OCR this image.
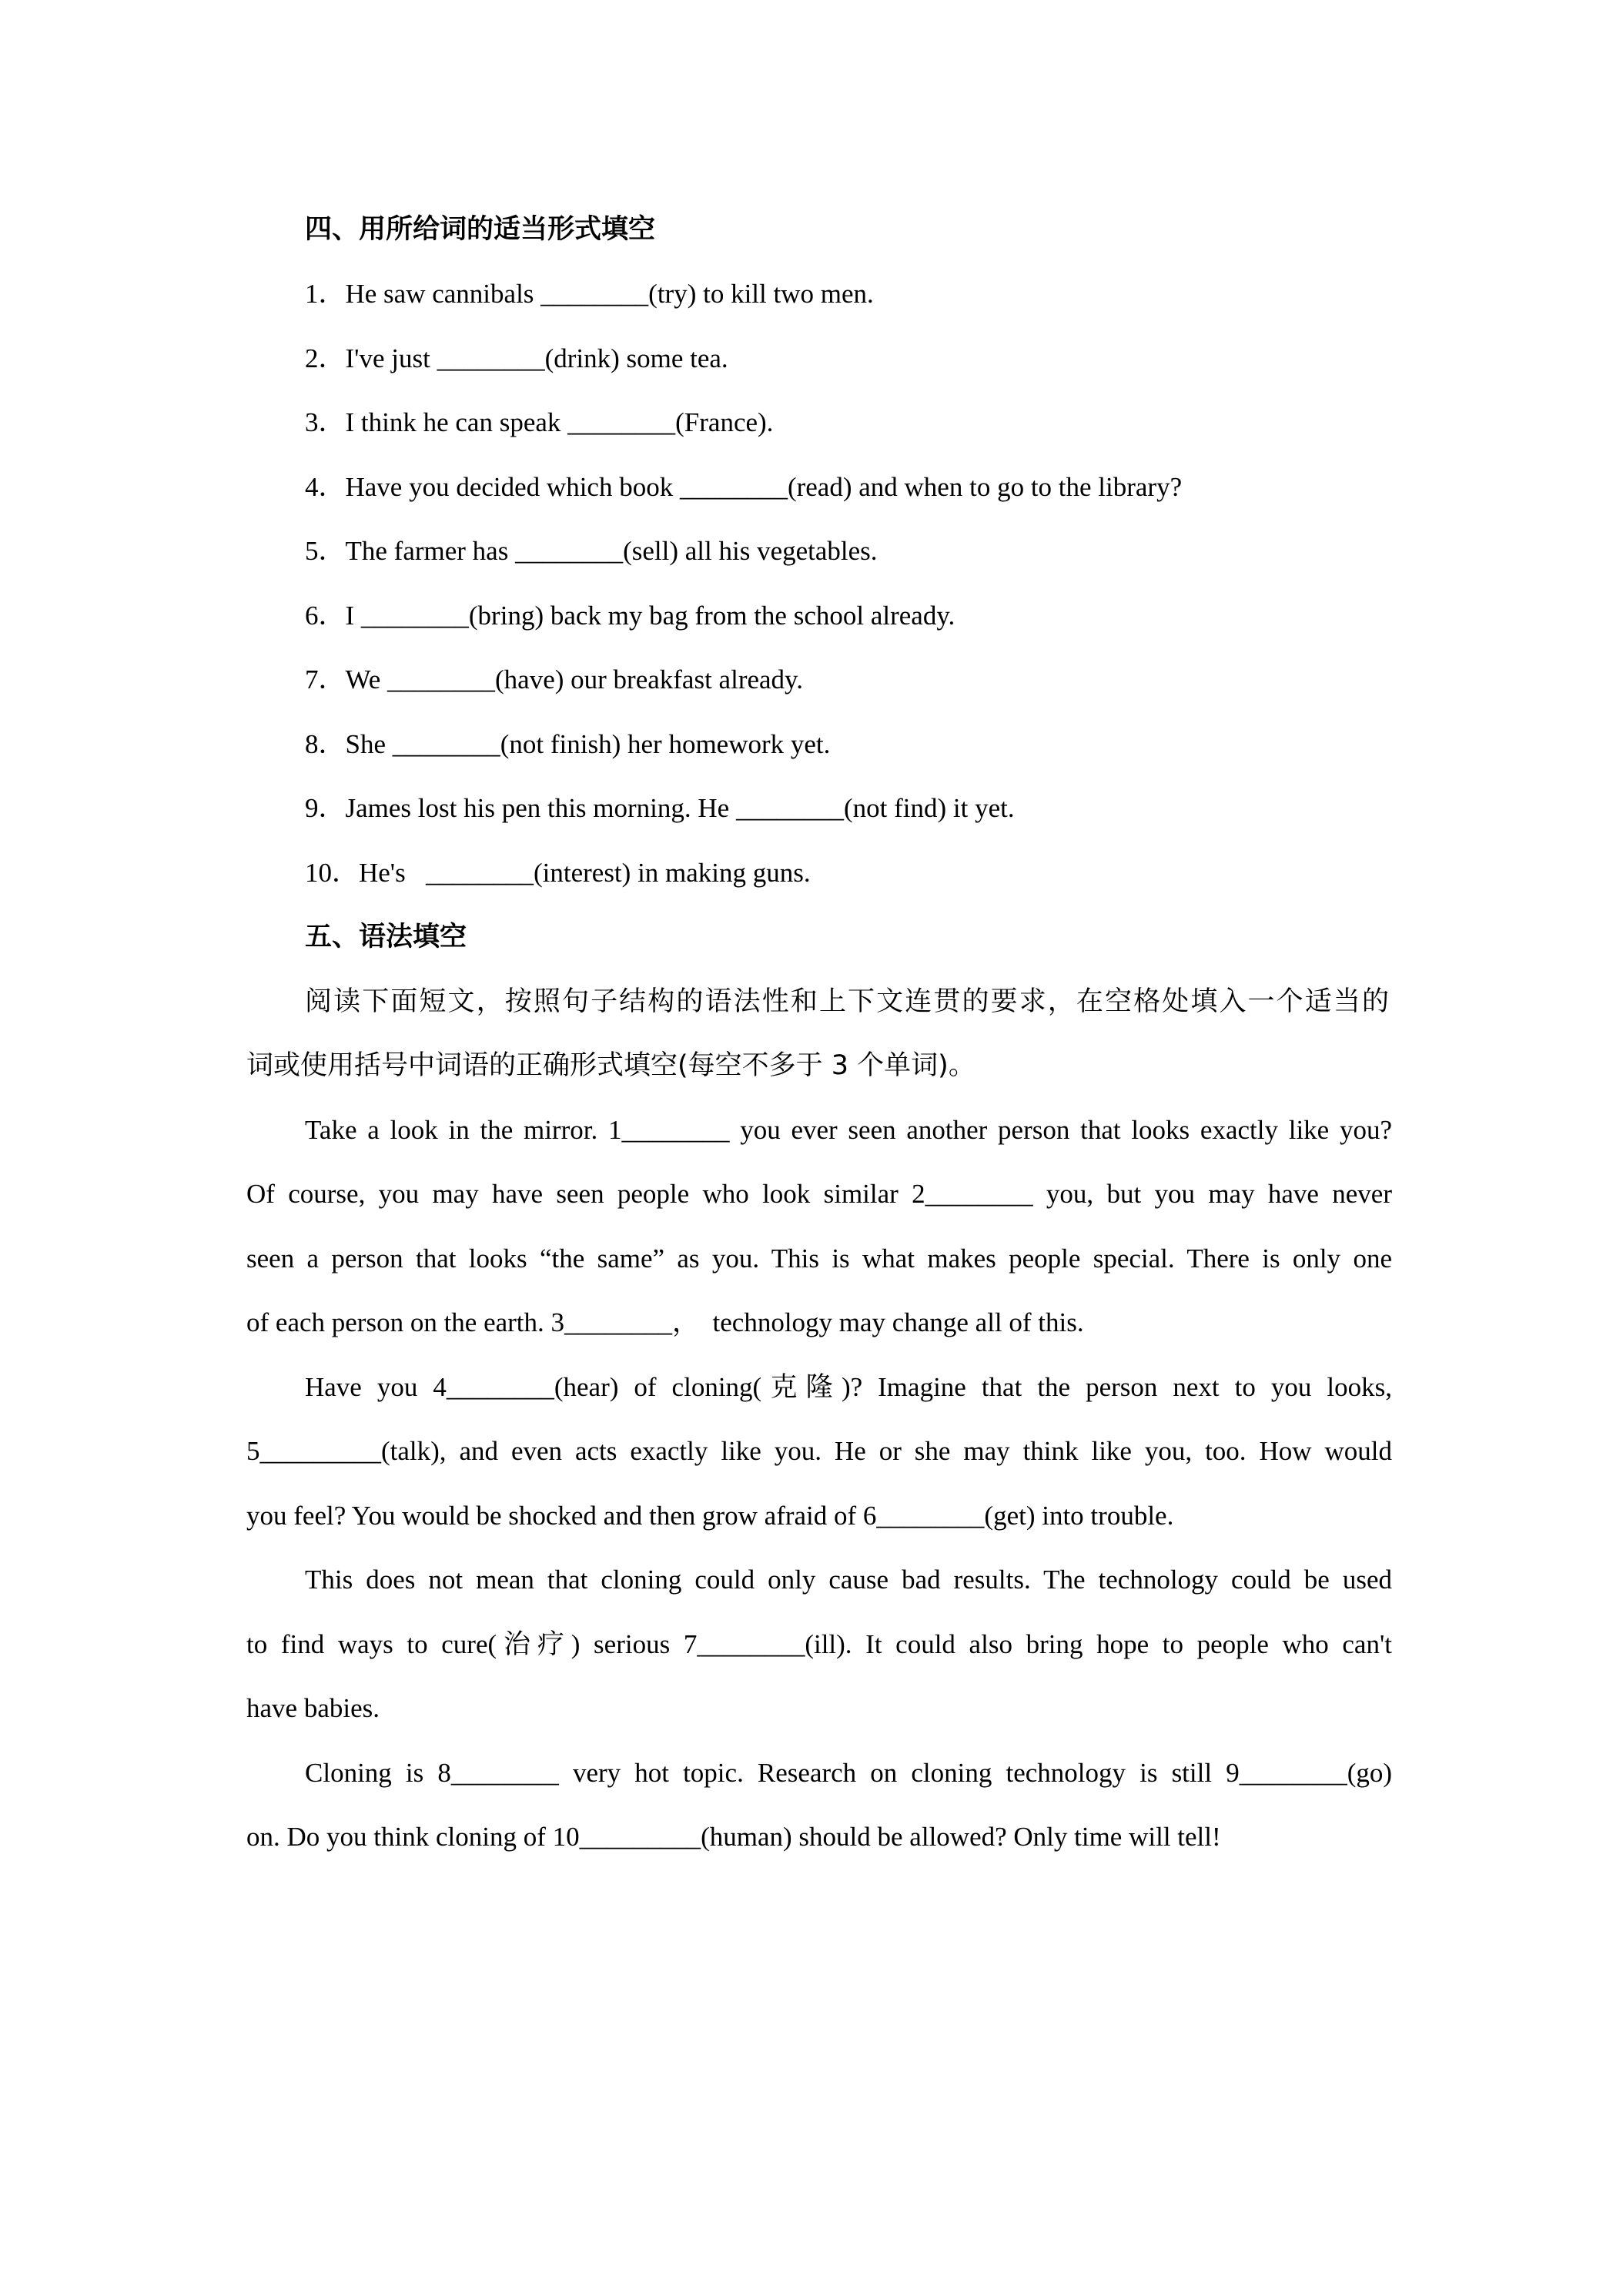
四、用所给词的适当形式填空
1．He saw cannibals ________(try) to kill two men.
2．I've just ________(drink) some tea.
3．I think he can speak ________(France).
4．Have you decided which book ________(read) and when to go to the library?
5．The farmer has ________(sell) all his vegetables.
6．I ________(bring) back my bag from the school already.
7．We ________(have) our breakfast already.
8．She ________(not finish) her homework yet.
9．James lost his pen this morning. He ________(not find) it yet.
10．He's   ________(interest) in making guns.
五、语法填空
阅读下面短文，按照句子结构的语法性和上下文连贯的要求，在空格处填入一个适当的
词或使用括号中词语的正确形式填空(每空不多于 3 个单词)。
Take a look in the mirror. 1________ you ever seen another person that looks exactly like you?
Of course, you may have seen people who look similar 2________ you, but you may have never
seen a person that looks “the same” as you. This is what makes people special. There is only one
of each person on the earth. 3________，  technology may change all of this.
Have you 4________(hear) of cloning(克隆)? Imagine that the person next to you looks,
5_________(talk), and even acts exactly like you. He or she may think like you, too. How would
you feel? You would be shocked and then grow afraid of 6________(get) into trouble.
This does not mean that cloning could only cause bad results. The technology could be used
to find ways to cure(治疗) serious 7________(ill). It could also bring hope to people who can't
have babies.
Cloning is 8________ very hot topic. Research on cloning technology is still 9________(go)
on. Do you think cloning of 10_________(human) should be allowed? Only time will tell!
